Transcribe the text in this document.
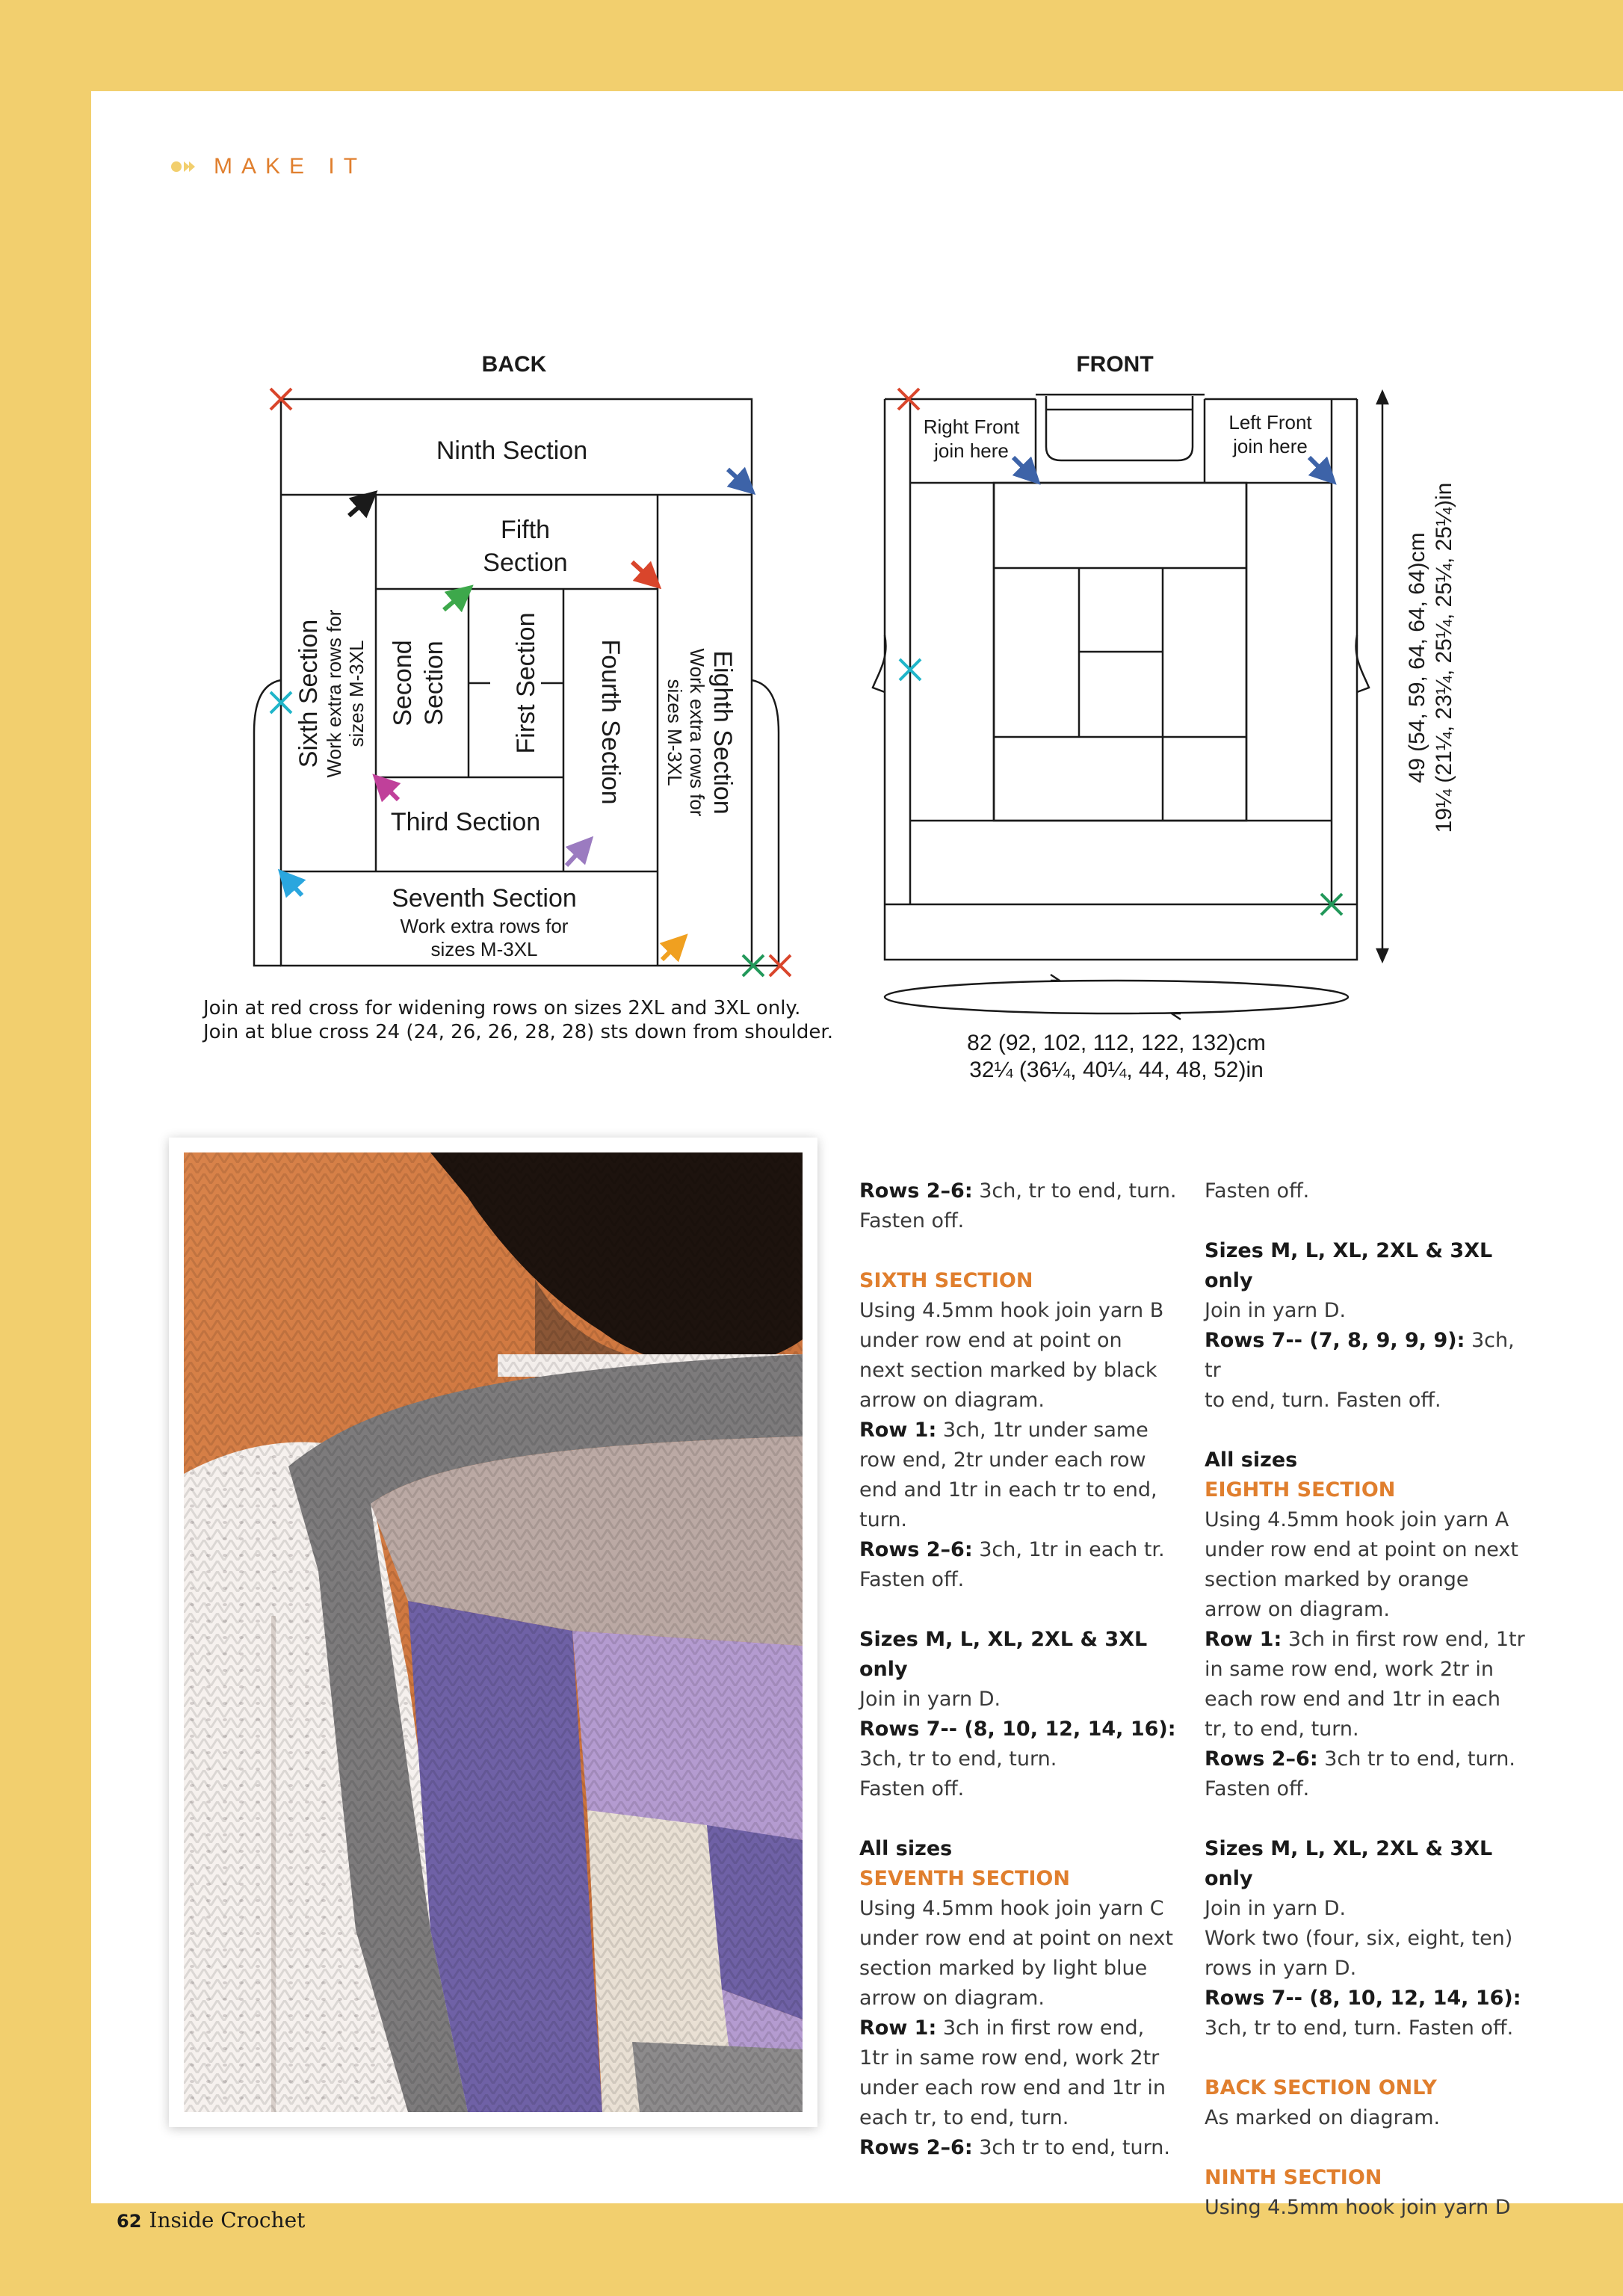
MAKE IT
BACK
Ninth Section
Fifth
Section
Third Section
Seventh Section
Work extra rows for
sizes M-3XL
Second Section	First Section Fourth Section
Sixth Section Work extra rows for sizes M-3XL	Eighth Section
Work extra rows for
sizes M-3XL
FRONT
Right Front
join here
Left Front
join here
49 (54, 59, 64, 64, 64)cm 19¼ (21¼, 23¼, 25¼, 25¼, 25¼)in
Join at red cross for widening rows on sizes 2XL and 3XL only.
Join at blue cross 24 (24, 26, 26, 28, 28) sts down from shoulder.	82 (92, 102, 112, 122, 132)cm
32¼ (36¼, 40¼, 44, 48, 52)in

Rows 2–6: 3ch, tr to end, turn.

Fasten off.

SIXTH SECTION

Using 4.5mm hook join yarn B

under row end at point on

next section marked by black

arrow on diagram.

Row 1: 3ch, 1tr under same

row end, 2tr under each row

end and 1tr in each tr to end,

turn.

Rows 2–6: 3ch, 1tr in each tr.

Fasten off.

Sizes M, L, XL, 2XL & 3XL only

Join in yarn D.

Rows 7-- (8, 10, 12, 14, 16):

3ch, tr to end, turn.

Fasten off.

All sizes

SEVENTH SECTION

Using 4.5mm hook join yarn C

under row end at point on next

section marked by light blue

arrow on diagram.

Row 1: 3ch in first row end,

1tr in same row end, work 2tr

under each row end and 1tr in

each tr, to end, turn.

Rows 2–6: 3ch tr to end, turn.

Fasten off.

Sizes M, L, XL, 2XL & 3XL only

Join in yarn D.

Rows 7-- (7, 8, 9, 9, 9): 3ch, tr

to end, turn. Fasten off.

All sizes

EIGHTH SECTION

Using 4.5mm hook join yarn A

under row end at point on next

section marked by orange

arrow on diagram.

Row 1: 3ch in first row end, 1tr

in same row end, work 2tr in

each row end and 1tr in each

tr, to end, turn.

Rows 2–6: 3ch tr to end, turn.

Fasten off.

Sizes M, L, XL, 2XL & 3XL only

Join in yarn D.

Work two (four, six, eight, ten)

rows in yarn D.

Rows 7-- (8, 10, 12, 14, 16):

3ch, tr to end, turn. Fasten off.

BACK SECTION ONLY

As marked on diagram.

NINTH SECTION

Using 4.5mm hook join yarn D

62 Inside Crochet
